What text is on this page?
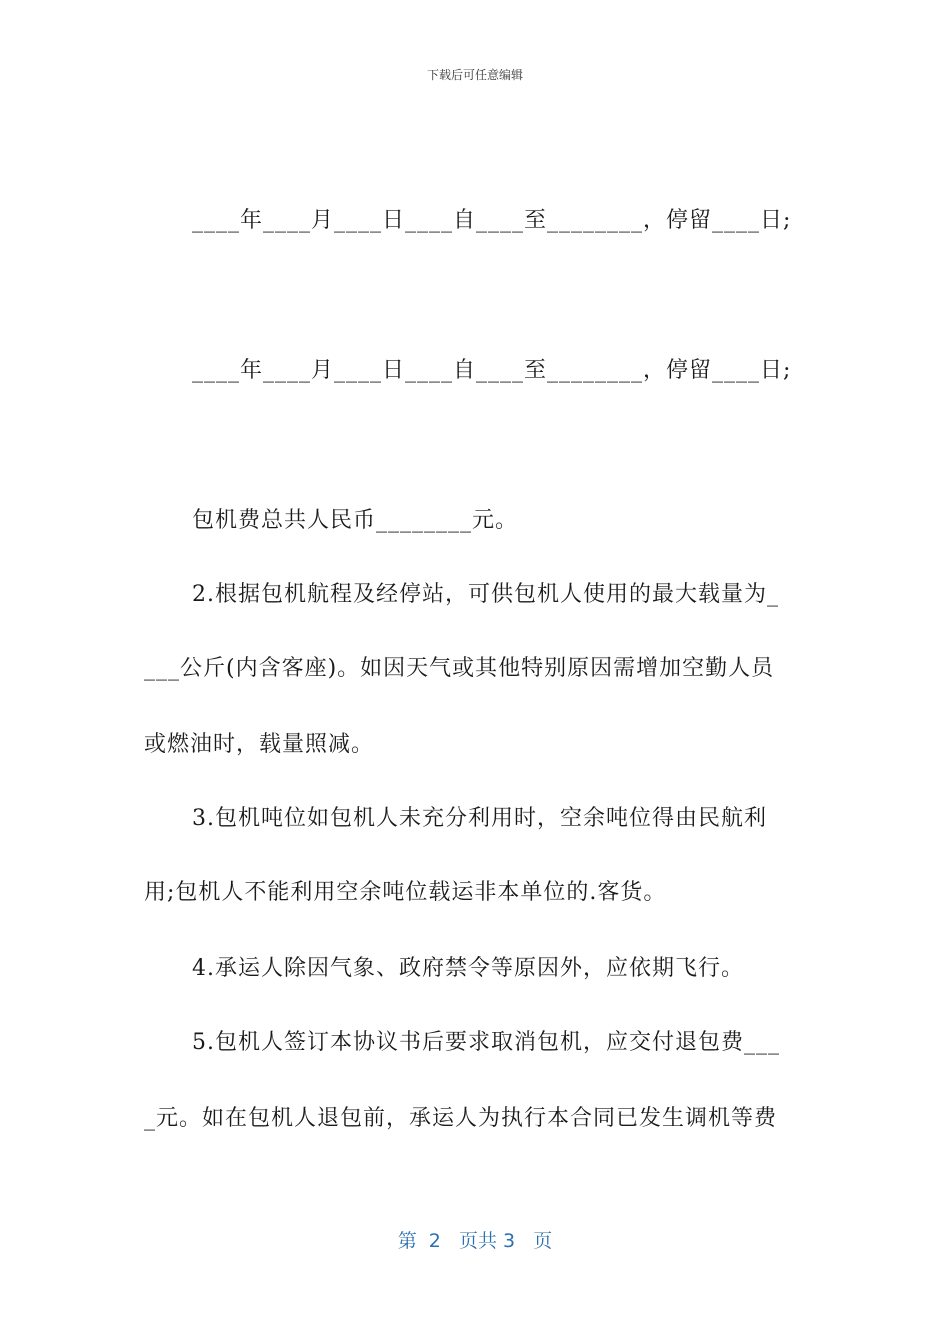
下载后可任意编辑
____年____月____日____自____至________，停留____日;
____年____月____日____自____至________，停留____日;
包机费总共人民币________元。
2.根据包机航程及经停站，可供包机人使用的最大载量为_
___公斤(内含客座)。如因天气或其他特别原因需增加空勤人员
或燃油时，载量照减。
3.包机吨位如包机人未充分利用时，空余吨位得由民航利
用;包机人不能利用空余吨位载运非本单位的.客货。
4.承运人除因气象、政府禁令等原因外，应依期飞行。
5.包机人签订本协议书后要求取消包机，应交付退包费___
_元。如在包机人退包前，承运人为执行本合同已发生调机等费
第  2   页共 3   页
